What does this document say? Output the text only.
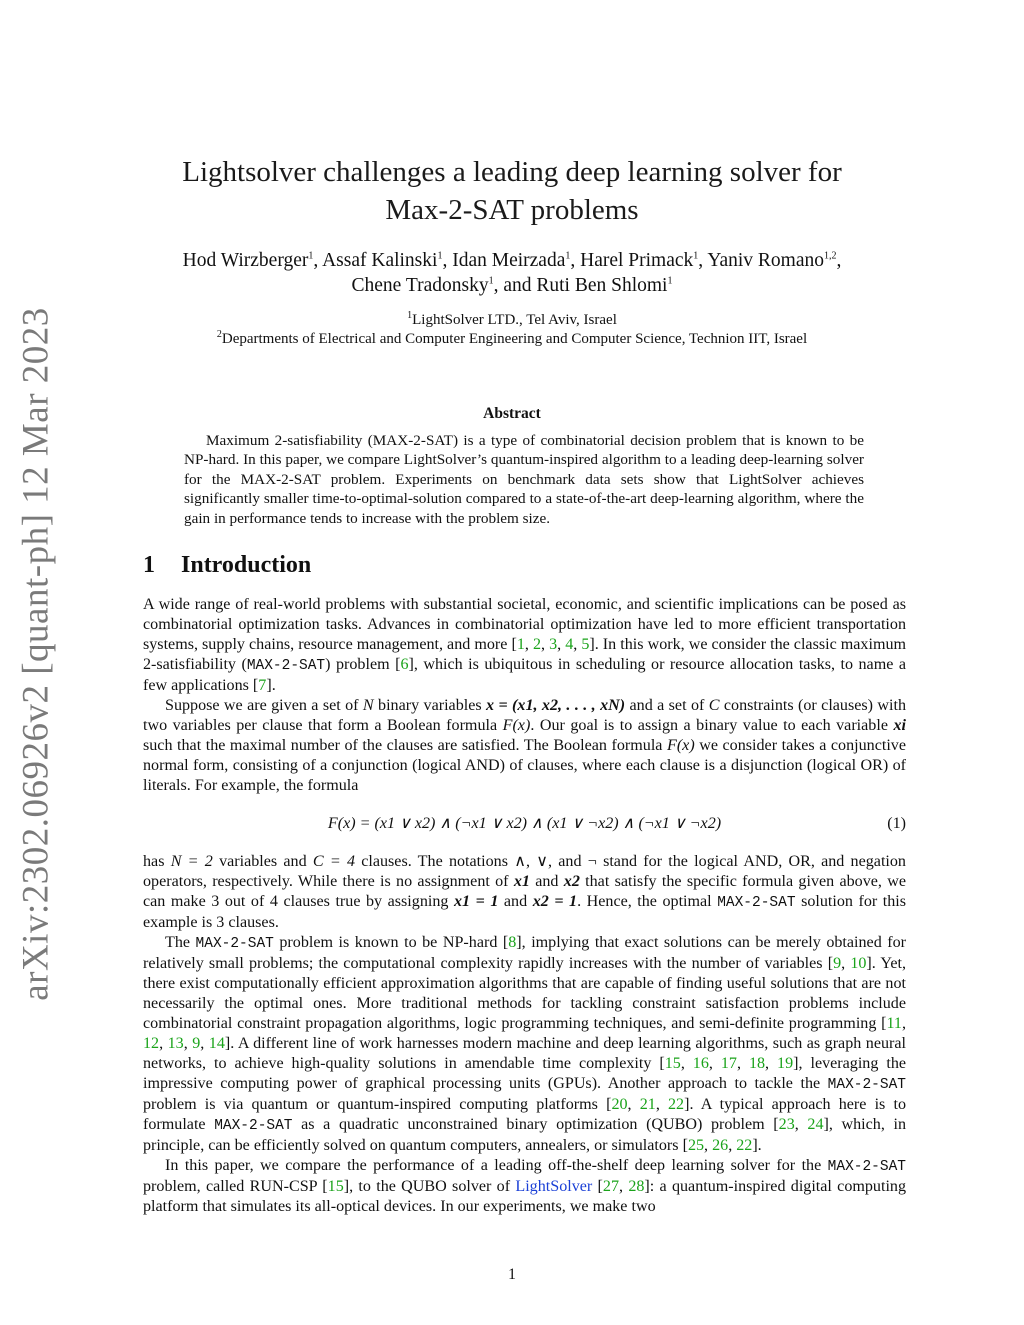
arXiv:2302.06926v2 [quant-ph] 12 Mar 2023
Lightsolver challenges a leading deep learning solver for
Max-2-SAT problems
Hod Wirzberger$^1$, Assaf Kalinski$^1$, Idan Meirzada$^1$, Harel Primack$^1$, Yaniv Romano$^{1,2}$,
Chene Tradonsky$^1$, and Ruti Ben Shlomi$^1$
$^1$LightSolver LTD., Tel Aviv, Israel
$^2$Departments of Electrical and Computer Engineering and Computer Science, Technion IIT, Israel
Abstract
Maximum 2-satisfiability (MAX-2-SAT) is a type of combinatorial decision problem that is known to be NP-hard. In this paper, we compare LightSolver’s quantum-inspired algorithm to a leading deep-learning solver for the MAX-2-SAT problem. Experiments on benchmark data sets show that LightSolver achieves significantly smaller time-to-optimal-solution compared to a state-of-the-art deep-learning algorithm, where the gain in performance tends to increase with the problem size.
1 Introduction

A wide range of real-world problems with substantial societal, economic, and scientific implications can be posed as combinatorial optimization tasks. Advances in combinatorial optimization have led to more efficient transportation systems, supply chains, resource management, and more [1, 2, 3, 4, 5]. In this work, we consider the classic maximum 2-satisfiability (MAX-2-SAT) problem [6], which is ubiquitous in scheduling or resource allocation tasks, to name a few applications [7].

Suppose we are given a set of N binary variables x = (x1, x2, . . . , xN) and a set of C constraints (or clauses) with two variables per clause that form a Boolean formula F(x). Our goal is to assign a binary value to each variable xi such that the maximal number of the clauses are satisfied. The Boolean formula F(x) we consider takes a conjunctive normal form, consisting of a conjunction (logical AND) of clauses, where each clause is a disjunction (logical OR) of literals. For example, the formula

F(x) = (x1 ∨ x2) ∧ (¬x1 ∨ x2) ∧ (x1 ∨ ¬x2) ∧ (¬x1 ∨ ¬x2)	(1)

has N = 2 variables and C = 4 clauses. The notations ∧, ∨, and ¬ stand for the logical AND, OR, and negation operators, respectively. While there is no assignment of x1 and x2 that satisfy the specific formula given above, we can make 3 out of 4 clauses true by assigning x1 = 1 and x2 = 1. Hence, the optimal MAX-2-SAT solution for this example is 3 clauses.

The MAX-2-SAT problem is known to be NP-hard [8], implying that exact solutions can be merely obtained for relatively small problems; the computational complexity rapidly increases with the number of variables [9, 10]. Yet, there exist computationally efficient approximation algorithms that are capable of finding useful solutions that are not necessarily the optimal ones. More traditional methods for tackling constraint satisfaction problems include combinatorial constraint propagation algorithms, logic programming techniques, and semi-definite programming [11, 12, 13, 9, 14]. A different line of work harnesses modern machine and deep learning algorithms, such as graph neural networks, to achieve high-quality solutions in amendable time complexity [15, 16, 17, 18, 19], leveraging the impressive computing power of graphical processing units (GPUs). Another approach to tackle the MAX-2-SAT problem is via quantum or quantum-inspired computing platforms [20, 21, 22]. A typical approach here is to formulate MAX-2-SAT as a quadratic unconstrained binary optimization (QUBO) problem [23, 24], which, in principle, can be efficiently solved on quantum computers, annealers, or simulators [25, 26, 22].

In this paper, we compare the performance of a leading off-the-shelf deep learning solver for the MAX-2-SAT problem, called RUN-CSP [15], to the QUBO solver of LightSolver [27, 28]: a quantum-inspired digital computing platform that simulates its all-optical devices. In our experiments, we make two

1
